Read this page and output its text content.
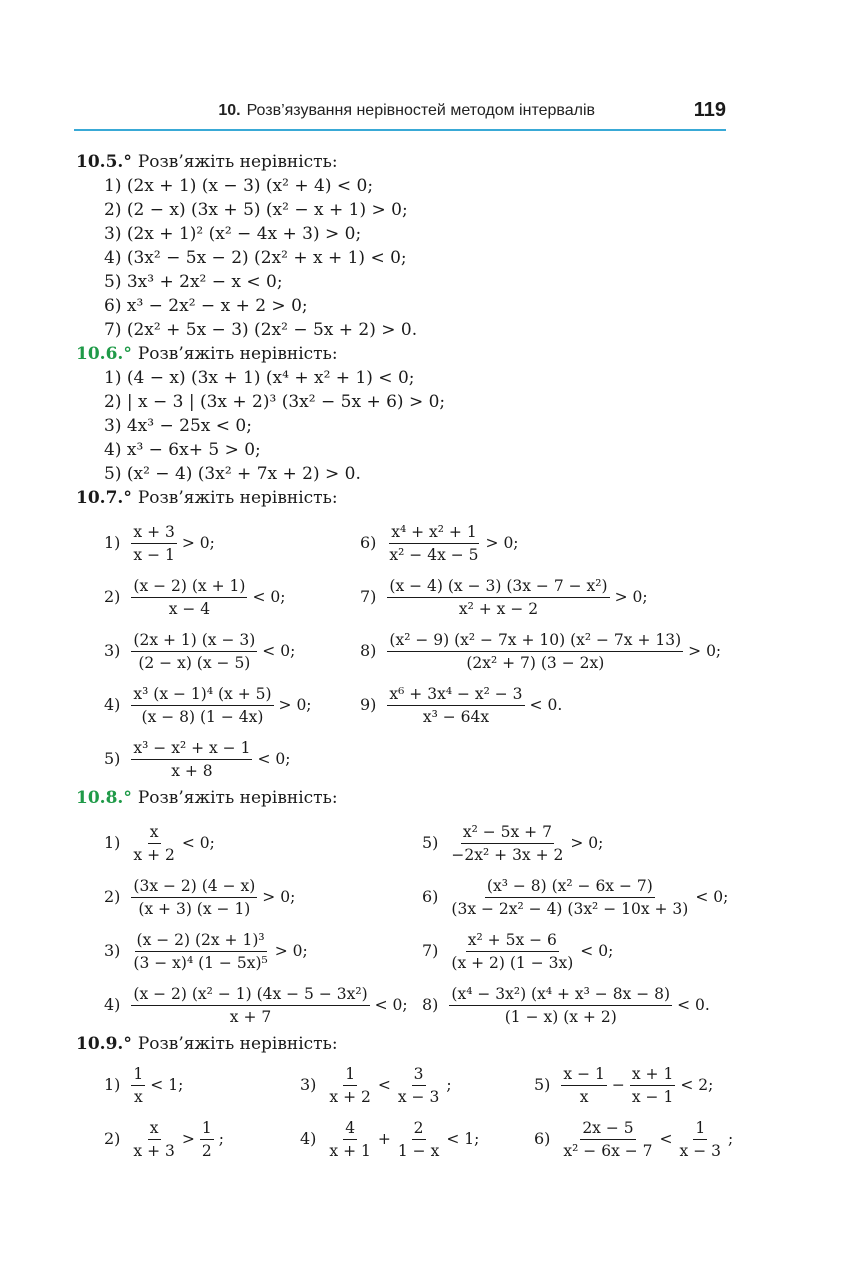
10. Розв’язування нерівностей методом інтервалів	119
10.5.° Розв’яжіть нерівність:
1) (2x + 1) (x − 3) (x² + 4) < 0;
2) (2 − x) (3x + 5) (x² − x + 1) > 0;
3) (2x + 1)² (x² − 4x + 3) > 0;
4) (3x² − 5x − 2) (2x² + x + 1) < 0;
5) 3x³ + 2x² − x < 0;
6) x³ − 2x² − x + 2 > 0;
7) (2x² + 5x − 3) (2x² − 5x + 2) > 0.
10.6.° Розв’яжіть нерівність:
1) (4 − x) (3x + 1) (x⁴ + x² + 1) < 0;
2) | x − 3 | (3x + 2)³ (3x² − 5x + 6) > 0;
3) 4x³ − 25x < 0;
4) x³ − 6x+ 5 > 0;
5) (x² − 4) (3x² + 7x + 2) > 0.
10.7.° Розв’яжіть нерівність:
$1) \frac{x + 3}{x - 1} > 0$;	$6) \frac{\text{x⁴ + x² + 1}}{\text{x² − 4x − 5}} > 0$;
$2) \frac{(x - 2) (x + 1)}{x - 4} < 0$;	$7) \frac{\text{(x − 4) (x − 3) (3x − 7 − x²)}}{\text{x² + x − 2}} > 0$;
$3) \frac{(2x + 1) (x - 3)}{(2 - x) (x - 5)} < 0$;	$8) \frac{\text{(x² − 9) (x² − 7x + 10) (x² − 7x + 13)}}{\text{(2x² + 7) (3 − 2x)}} > 0$;
$4) \frac{\text{x³ (x − 1)⁴ (x + 5)}}{(x - 8) (1 - 4x)} > 0$;	$9) \frac{\text{x⁶ + 3x⁴ − x² − 3}}{\text{x³ − 64x}} < 0$.
$5) \frac{\text{x³ − x² + x − 1}}{x + 8} < 0$;
10.8.° Розв’яжіть нерівність:
$1) \frac{x}{x + 2} < 0$;	$5) \frac{\text{x² − 5x + 7}}{\text{−2x² + 3x + 2}} > 0$;
$2) \frac{(3x - 2) (4 - x)}{(x + 3) (x - 1)} > 0$;	$6) \frac{\text{(x³ − 8) (x² − 6x − 7)}}{\text{(3x − 2x² − 4) (3x² − 10x + 3)}} < 0$;
$3) \frac{\text{(x − 2) (2x + 1)³}}{\text{(3 − x)⁴ (1 − 5x)⁵}} > 0$;	$7) \frac{\text{x² + 5x − 6}}{(x + 2) (1 - 3x)} < 0$;
$4) \frac{\text{(x − 2) (x² − 1) (4x − 5 − 3x²)}}{x + 7} < 0$; $8) \frac{\text{(x⁴ − 3x²) (x⁴ + x³ − 8x − 8)}}{(1 - x) (x + 2)} < 0$.
10.9.° Розв’яжіть нерівність:
$1) \frac{1}{x} < 1$;	$3) \frac{1}{x + 2} < \frac{3}{x - 3}$ ;	$5) \frac{x - 1}{x} - \frac{x + 1}{x - 1} < 2$;
$2) \frac{x}{x + 3} > \frac{1}{2}$ ;	$4) \frac{4}{x + 1} + \frac{2}{1 - x} < 1$;	$6) \frac{2x - 5}{\text{x² − 6x − 7}} < \frac{1}{x - 3}$ ;
